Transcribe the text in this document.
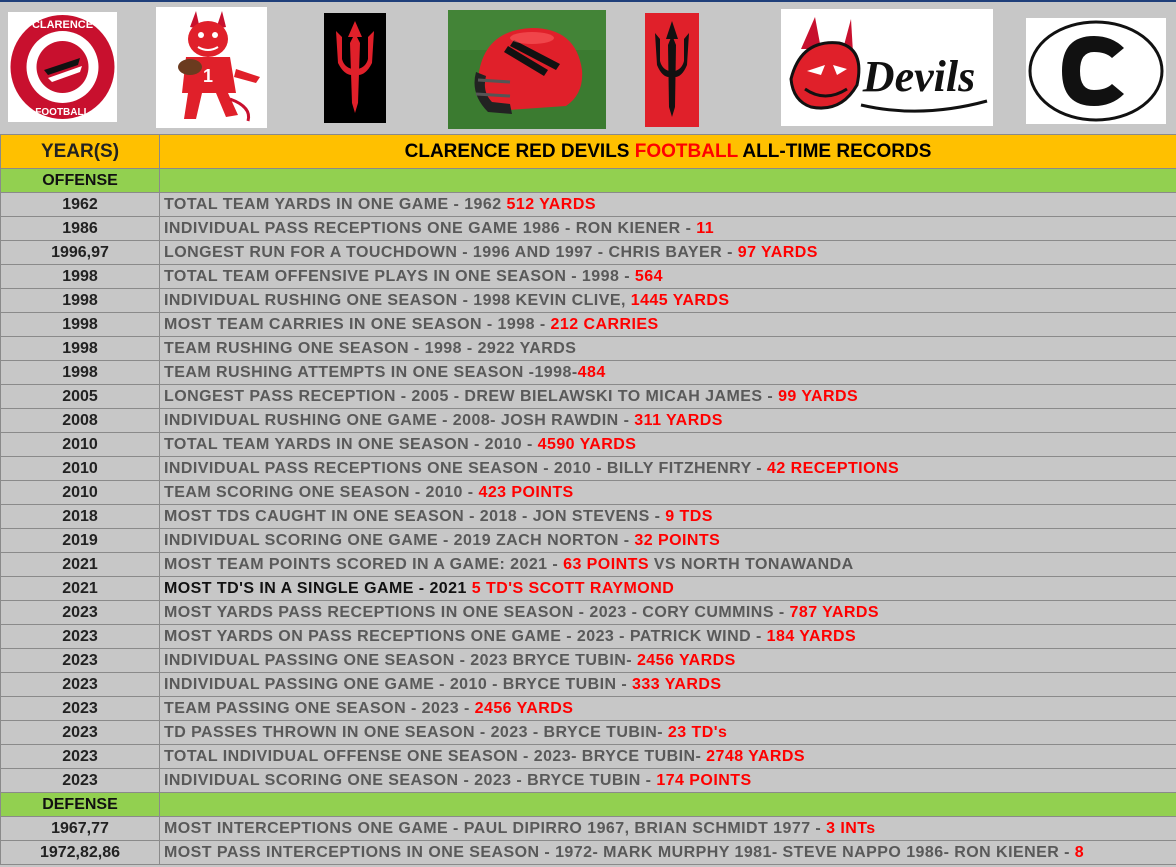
CLARENCE
FOOTBALL
1	Devils
YEAR(S)	CLARENCE RED DEVILS FOOTBALL ALL-TIME RECORDS
OFFENSE	
1962	TOTAL TEAM YARDS IN ONE GAME - 1962 512 YARDS
1986	INDIVIDUAL PASS RECEPTIONS ONE GAME 1986 - RON KIENER - 11
1996,97	LONGEST RUN FOR A TOUCHDOWN - 1996 AND 1997 - CHRIS BAYER - 97 YARDS
1998	TOTAL TEAM OFFENSIVE PLAYS IN ONE SEASON - 1998 - 564
1998	INDIVIDUAL RUSHING ONE SEASON - 1998 KEVIN CLIVE, 1445 YARDS
1998	MOST TEAM CARRIES IN ONE SEASON - 1998 - 212 CARRIES
1998	TEAM RUSHING ONE SEASON - 1998 - 2922 YARDS
1998	TEAM RUSHING ATTEMPTS IN ONE SEASON -1998-484
2005	LONGEST PASS RECEPTION - 2005 - DREW BIELAWSKI TO MICAH JAMES - 99 YARDS
2008	INDIVIDUAL RUSHING ONE GAME - 2008- JOSH RAWDIN - 311 YARDS
2010	TOTAL TEAM YARDS IN ONE SEASON - 2010 - 4590 YARDS
2010	INDIVIDUAL PASS RECEPTIONS ONE SEASON - 2010 - BILLY FITZHENRY - 42 RECEPTIONS
2010	TEAM SCORING ONE SEASON - 2010 - 423 POINTS
2018	MOST TDS CAUGHT IN ONE SEASON - 2018 - JON STEVENS - 9 TDS
2019	INDIVIDUAL SCORING ONE GAME - 2019 ZACH NORTON - 32 POINTS
2021	MOST TEAM POINTS SCORED IN A GAME: 2021 - 63 POINTS VS NORTH TONAWANDA
2021	MOST TD'S IN A SINGLE GAME - 2021 5 TD'S SCOTT RAYMOND
2023	MOST YARDS PASS RECEPTIONS IN ONE SEASON - 2023 - CORY CUMMINS - 787 YARDS
2023	MOST YARDS ON PASS RECEPTIONS ONE GAME - 2023 - PATRICK WIND - 184 YARDS
2023	INDIVIDUAL PASSING ONE SEASON - 2023 BRYCE TUBIN- 2456 YARDS
2023	INDIVIDUAL PASSING ONE GAME - 2010 - BRYCE TUBIN - 333 YARDS
2023	TEAM PASSING ONE SEASON - 2023 - 2456 YARDS
2023	TD PASSES THROWN IN ONE SEASON - 2023 - BRYCE TUBIN- 23 TD's
2023	TOTAL INDIVIDUAL OFFENSE ONE SEASON - 2023- BRYCE TUBIN- 2748 YARDS
2023	INDIVIDUAL SCORING ONE SEASON - 2023 - BRYCE TUBIN - 174 POINTS
DEFENSE	
1967,77	MOST INTERCEPTIONS ONE GAME - PAUL DIPIRRO 1967, BRIAN SCHMIDT 1977 - 3 INTs
1972,82,86	MOST PASS INTERCEPTIONS IN ONE SEASON - 1972- MARK MURPHY 1981- STEVE NAPPO 1986- RON KIENER - 8
